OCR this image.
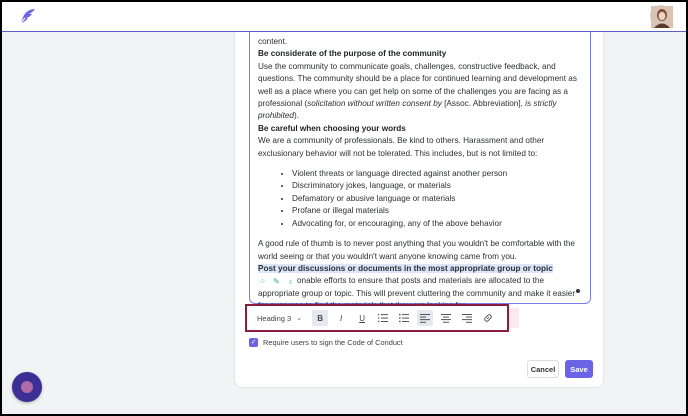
content.

Be considerate of the purpose of the community

Use the community to communicate goals, challenges, constructive feedback, and questions. The community should be a place for continued learning and development as well as a place where you can get help on some of the challenges you are facing as a professional (solicitation without written consent by [Assoc. Abbreviation], is strictly prohibited).

Be careful when choosing your words

We are a community of professionals. Be kind to others. Harassment and other exclusionary behavior will not be tolerated. This includes, but is not limited to:

• Violent threats or language directed against another person
• Discriminatory jokes, language, or materials
• Defamatory or abusive language or materials
• Profane or illegal materials
• Advocating for, or encouraging, any of the above behavior

A good rule of thumb is to never post anything that you wouldn't be comfortable with the world seeing or that you wouldn't want anyone knowing came from you.

Post your discussions or documents in the most appropriate group or topic

⁘ ✎ ♁ onable efforts to ensure that posts and materials are allocated to the appropriate group or topic. This will prevent cluttering the community and make it easier

Heading 3 ⌄ B I U
✓ Require users to sign the Code of Conduct
Cancel	Save
